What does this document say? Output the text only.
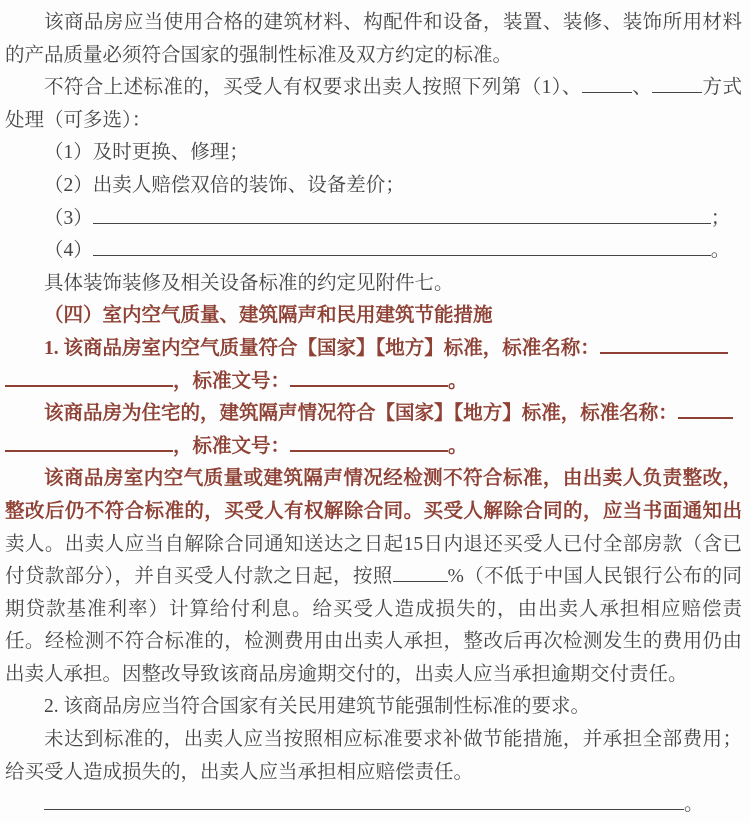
该商品房应当使用合格的建筑材料、构配件和设备，装置、装修、装饰所用材料的产品质量必须符合国家的强制性标准及双方约定的标准。

不符合上述标准的，买受人有权要求出卖人按照下列第（1）、	、	方式处理（可多选）：

（1）及时更换、修理；

（2）出卖人赔偿双倍的装饰、设备差价；

（3）	；

（4）	。

具体装饰装修及相关设备标准的约定见附件七。

（四）室内空气质量、建筑隔声和民用建筑节能措施

1. 该商品房室内空气质量符合【国家】【地方】标准，标准名称：
，标准文号：	。

该商品房为住宅的，建筑隔声情况符合【国家】【地方】标准，标准名称：
，标准文号：	。

该商品房室内空气质量或建筑隔声情况经检测不符合标准，由出卖人负责整改，整改后仍不符合标准的，买受人有权解除合同。买受人解除合同的，应当书面通知出卖人。出卖人应当自解除合同通知送达之日起15日内退还买受人已付全部房款（含已付贷款部分），并自买受人付款之日起，按照	%（不低于中国人民银行公布的同期贷款基准利率）计算给付利息。给买受人造成损失的，由出卖人承担相应赔偿责任。经检测不符合标准的，检测费用由出卖人承担，整改后再次检测发生的费用仍由出卖人承担。因整改导致该商品房逾期交付的，出卖人应当承担逾期交付责任。

2. 该商品房应当符合国家有关民用建筑节能强制性标准的要求。

未达到标准的，出卖人应当按照相应标准要求补做节能措施，并承担全部费用；给买受人造成损失的，出卖人应当承担相应赔偿责任。

。
